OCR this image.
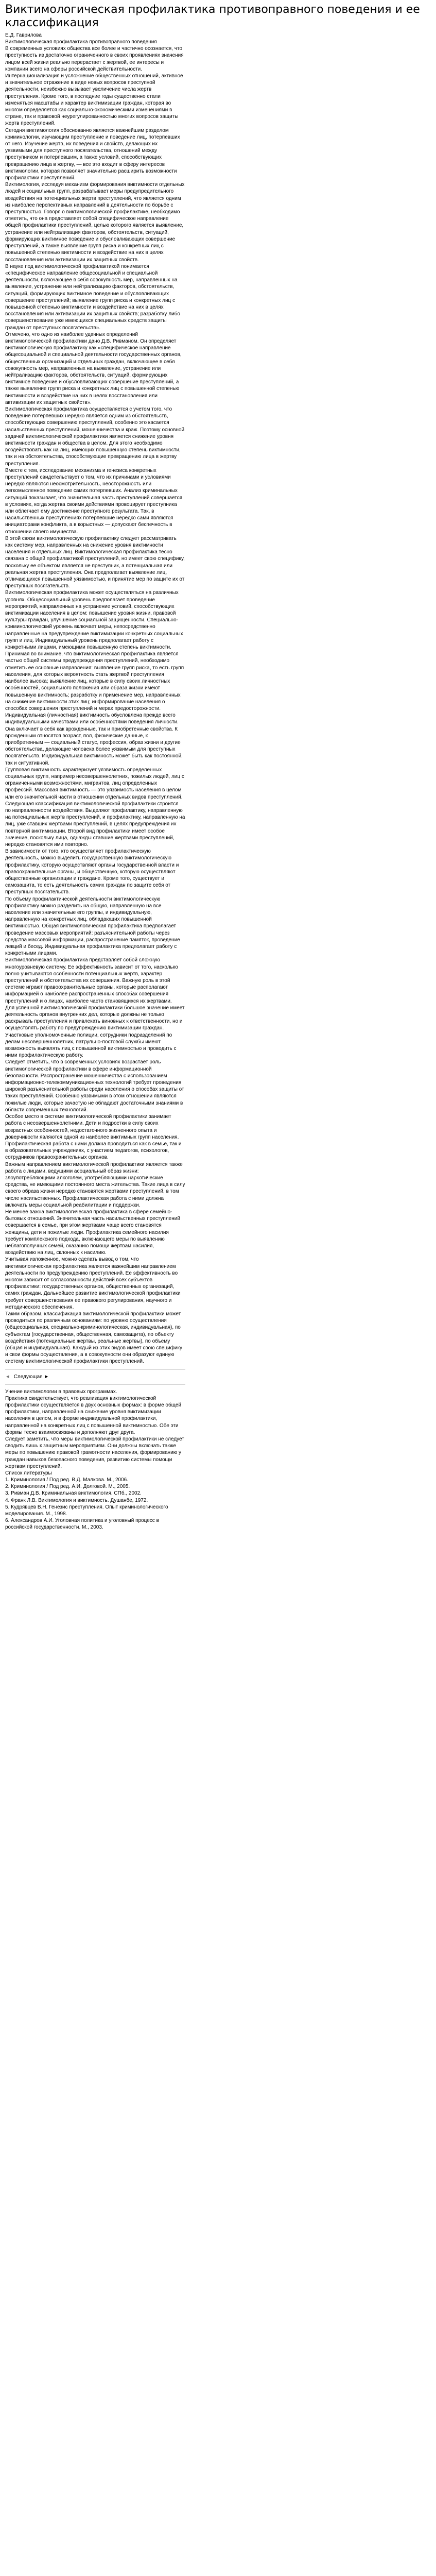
Виктимологическая профилактика противоправного поведения и ее классификация
Е.Д. Гаврилова

Виктимологическая профилактика противоправного поведения

В современных условиях общества все более и частично осознается, что преступность из достаточно ограниченного в своих проявлениях значения лицом всей жизни реально перерастает с жертвой, ее интересы и компании всего на сферы российской действительности. Интернационализация и усложнение общественных отношений, активное и значительное отражение в виде новых вопросов преступной деятельности, неизбежно вызывает увеличение числа жертв преступления. Кроме того, в последние годы существенно стали изменяться масштабы и характер виктимизации граждан, которая во многом определяется как социально-экономическими изменениями в стране, так и правовой неурегулированностью многих вопросов защиты жертв преступлений.

Сегодня виктимология обоснованно является важнейшим разделом криминологии, изучающим преступление и поведение лиц, потерпевших от него. Изучение жертв, их поведения и свойств, делающих их уязвимыми для преступного посягательства, отношений между преступником и потерпевшим, а также условий, способствующих превращению лица в жертву, — все это входит в сферу интересов виктимологии, которая позволяет значительно расширить возможности профилактики преступлений.

Виктимология, исследуя механизм формирования виктимности отдельных людей и социальных групп, разрабатывает меры предупредительного воздействия на потенциальных жертв преступлений, что является одним из наиболее перспективных направлений в деятельности по борьбе с преступностью. Говоря о виктимологической профилактике, необходимо отметить, что она представляет собой специфическое направление общей профилактики преступлений, целью которого является выявление, устранение или нейтрализация факторов, обстоятельств, ситуаций, формирующих виктимное поведение и обусловливающих совершение преступлений, а также выявление групп риска и конкретных лиц с повышенной степенью виктимности и воздействие на них в целях восстановления или активизации их защитных свойств.

В науке под виктимологической профилактикой понимается «специфическое направление общесоциальной и специальной деятельности, включающее в себя совокупность мер, направленных на выявление, устранение или нейтрализацию факторов, обстоятельств, ситуаций, формирующих виктимное поведение и обусловливающих совершение преступлений; выявление групп риска и конкретных лиц с повышенной степенью виктимности и воздействие на них в целях восстановления или активизации их защитных свойств; разработку либо совершенствование уже имеющихся специальных средств защиты граждан от преступных посягательств».

Отмечено, что одно из наиболее удачных определений виктимологической профилактики дано Д.В. Ривманом. Он определяет виктимологическую профилактику как «специфическое направление общесоциальной и специальной деятельности государственных органов, общественных организаций и отдельных граждан, включающее в себя совокупность мер, направленных на выявление, устранение или нейтрализацию факторов, обстоятельств, ситуаций, формирующих виктимное поведение и обусловливающих совершение преступлений, а также выявление групп риска и конкретных лиц с повышенной степенью виктимности и воздействие на них в целях восстановления или активизации их защитных свойств».

Виктимологическая профилактика осуществляется с учетом того, что поведение потерпевших нередко является одним из обстоятельств, способствующих совершению преступлений, особенно это касается насильственных преступлений, мошенничества и краж. Поэтому основной задачей виктимологической профилактики является снижение уровня виктимности граждан и общества в целом. Для этого необходимо воздействовать как на лиц, имеющих повышенную степень виктимности, так и на обстоятельства, способствующие превращению лица в жертву преступления.

Вместе с тем, исследование механизма и генезиса конкретных преступлений свидетельствует о том, что их причинами и условиями нередко являются неосмотрительность, неосторожность или легкомысленное поведение самих потерпевших. Анализ криминальных ситуаций показывает, что значительная часть преступлений совершается в условиях, когда жертва своими действиями провоцирует преступника или облегчает ему достижение преступного результата. Так, в насильственных преступлениях потерпевшие нередко сами являются инициаторами конфликта, а в корыстных — допускают беспечность в отношении своего имущества.

В этой связи виктимологическую профилактику следует рассматривать как систему мер, направленных на снижение уровня виктимности населения и отдельных лиц. Виктимологическая профилактика тесно связана с общей профилактикой преступлений, но имеет свою специфику, поскольку ее объектом является не преступник, а потенциальная или реальная жертва преступления. Она предполагает выявление лиц, отличающихся повышенной уязвимостью, и принятие мер по защите их от преступных посягательств.

Виктимологическая профилактика может осуществляться на различных уровнях. Общесоциальный уровень предполагает проведение мероприятий, направленных на устранение условий, способствующих виктимизации населения в целом: повышение уровня жизни, правовой культуры граждан, улучшение социальной защищенности. Специально-криминологический уровень включает меры, непосредственно направленные на предупреждение виктимизации конкретных социальных групп и лиц. Индивидуальный уровень предполагает работу с конкретными лицами, имеющими повышенную степень виктимности.

Принимая во внимание, что виктимологическая профилактика является частью общей системы предупреждения преступлений, необходимо отметить ее основные направления: выявление групп риска, то есть групп населения, для которых вероятность стать жертвой преступления наиболее высока; выявление лиц, которые в силу своих личностных особенностей, социального положения или образа жизни имеют повышенную виктимность; разработку и применение мер, направленных на снижение виктимности этих лиц; информирование населения о способах совершения преступлений и мерах предосторожности.

Индивидуальная (личностная) виктимность обусловлена прежде всего индивидуальными качествами или особенностями поведения личности. Она включает в себя как врожденные, так и приобретенные свойства. К врожденным относятся возраст, пол, физические данные, к приобретенным — социальный статус, профессия, образ жизни и другие обстоятельства, делающие человека более уязвимым для преступных посягательств. Индивидуальная виктимность может быть как постоянной, так и ситуативной.

Групповая виктимность характеризует уязвимость определенных социальных групп, например несовершеннолетних, пожилых людей, лиц с ограниченными возможностями, мигрантов, лиц определенных профессий. Массовая виктимность — это уязвимость населения в целом или его значительной части в отношении отдельных видов преступлений.

Следующая классификация виктимологической профилактики строится по направленности воздействия. Выделяют профилактику, направленную на потенциальных жертв преступлений, и профилактику, направленную на лиц, уже ставших жертвами преступлений, в целях предупреждения их повторной виктимизации. Второй вид профилактики имеет особое значение, поскольку лица, однажды ставшие жертвами преступлений, нередко становятся ими повторно.

В зависимости от того, кто осуществляет профилактическую деятельность, можно выделить государственную виктимологическую профилактику, которую осуществляют органы государственной власти и правоохранительные органы, и общественную, которую осуществляют общественные организации и граждане. Кроме того, существует и самозащита, то есть деятельность самих граждан по защите себя от преступных посягательств.

По объему профилактической деятельности виктимологическую профилактику можно разделить на общую, направленную на все население или значительные его группы, и индивидуальную, направленную на конкретных лиц, обладающих повышенной виктимностью. Общая виктимологическая профилактика предполагает проведение массовых мероприятий: разъяснительной работы через средства массовой информации, распространение памяток, проведение лекций и бесед. Индивидуальная профилактика предполагает работу с конкретными лицами.

Виктимологическая профилактика представляет собой сложную многоуровневую систему. Ее эффективность зависит от того, насколько полно учитываются особенности потенциальных жертв, характер преступлений и обстоятельства их совершения. Важную роль в этой системе играют правоохранительные органы, которые располагают информацией о наиболее распространенных способах совершения преступлений и о лицах, наиболее часто становящихся их жертвами.

Для успешной виктимологической профилактики большое значение имеет деятельность органов внутренних дел, которые должны не только раскрывать преступления и привлекать виновных к ответственности, но и осуществлять работу по предупреждению виктимизации граждан. Участковые уполномоченные полиции, сотрудники подразделений по делам несовершеннолетних, патрульно-постовой службы имеют возможность выявлять лиц с повышенной виктимностью и проводить с ними профилактическую работу.

Следует отметить, что в современных условиях возрастает роль виктимологической профилактики в сфере информационной безопасности. Распространение мошенничества с использованием информационно-телекоммуникационных технологий требует проведения широкой разъяснительной работы среди населения о способах защиты от таких преступлений. Особенно уязвимыми в этом отношении являются пожилые люди, которые зачастую не обладают достаточными знаниями в области современных технологий.

Особое место в системе виктимологической профилактики занимает работа с несовершеннолетними. Дети и подростки в силу своих возрастных особенностей, недостаточного жизненного опыта и доверчивости являются одной из наиболее виктимных групп населения. Профилактическая работа с ними должна проводиться как в семье, так и в образовательных учреждениях, с участием педагогов, психологов, сотрудников правоохранительных органов.

Важным направлением виктимологической профилактики является также работа с лицами, ведущими асоциальный образ жизни: злоупотребляющими алкоголем, употребляющими наркотические средства, не имеющими постоянного места жительства. Такие лица в силу своего образа жизни нередко становятся жертвами преступлений, в том числе насильственных. Профилактическая работа с ними должна включать меры социальной реабилитации и поддержки.

Не менее важна виктимологическая профилактика в сфере семейно-бытовых отношений. Значительная часть насильственных преступлений совершается в семье, при этом жертвами чаще всего становятся женщины, дети и пожилые люди. Профилактика семейного насилия требует комплексного подхода, включающего меры по выявлению неблагополучных семей, оказанию помощи жертвам насилия, воздействию на лиц, склонных к насилию.

Учитывая изложенное, можно сделать вывод о том, что виктимологическая профилактика является важнейшим направлением деятельности по предупреждению преступлений. Ее эффективность во многом зависит от согласованности действий всех субъектов профилактики: государственных органов, общественных организаций, самих граждан. Дальнейшее развитие виктимологической профилактики требует совершенствования ее правового регулирования, научного и методического обеспечения.

Таким образом, классификация виктимологической профилактики может проводиться по различным основаниям: по уровню осуществления (общесоциальная, специально-криминологическая, индивидуальная), по субъектам (государственная, общественная, самозащита), по объекту воздействия (потенциальные жертвы, реальные жертвы), по объему (общая и индивидуальная). Каждый из этих видов имеет свою специфику и свои формы осуществления, а в совокупности они образуют единую систему виктимологической профилактики преступлений.

◄ Следующая ►

Учение виктимологии в правовых программах.

Практика свидетельствует, что реализация виктимологической профилактики осуществляется в двух основных формах: в форме общей профилактики, направленной на снижение уровня виктимизации населения в целом, и в форме индивидуальной профилактики, направленной на конкретных лиц с повышенной виктимностью. Обе эти формы тесно взаимосвязаны и дополняют друг друга.

Следует заметить, что меры виктимологической профилактики не следует сводить лишь к защитным мероприятиям. Они должны включать также меры по повышению правовой грамотности населения, формированию у граждан навыков безопасного поведения, развитию системы помощи жертвам преступлений.

Список литературы

1. Криминология / Под ред. В.Д. Малкова. М., 2006.

2. Криминология / Под ред. А.И. Долговой. М., 2005.

3. Ривман Д.В. Криминальная виктимология. СПб., 2002.

4. Франк Л.В. Виктимология и виктимность. Душанбе, 1972.

5. Кудрявцев В.Н. Генезис преступления. Опыт криминологического моделирования. М., 1998.

6. Александров А.И. Уголовная политика и уголовный процесс в российской государственности. М., 2003.
